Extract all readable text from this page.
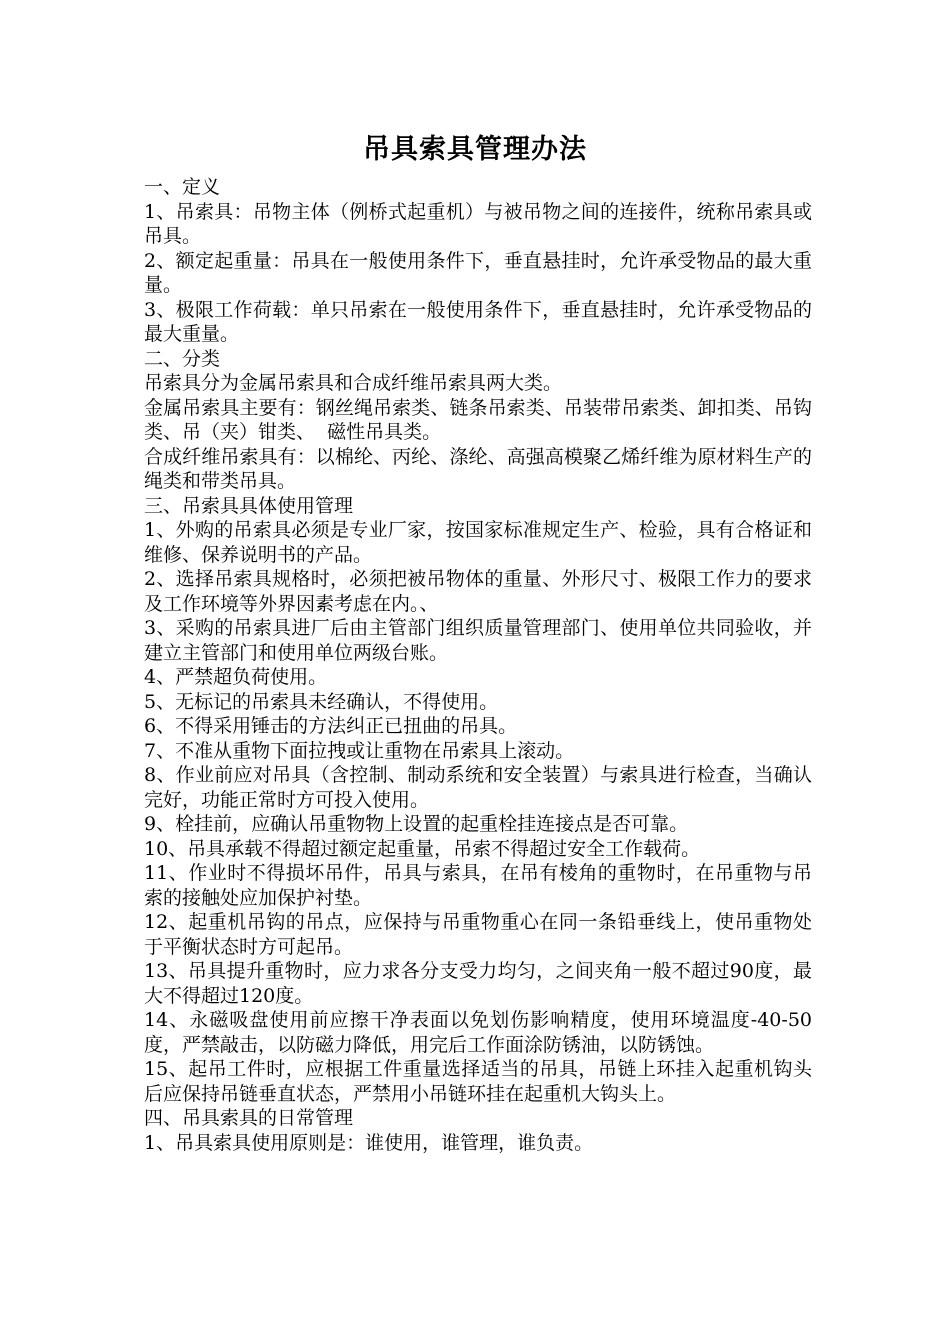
吊具索具管理办法

一、定义

1、吊索具：吊物主体（例桥式起重机）与被吊物之间的连接件，统称吊索具或吊具。

2、额定起重量：吊具在一般使用条件下，垂直悬挂时，允许承受物品的最大重量。

3、极限工作荷载：单只吊索在一般使用条件下，垂直悬挂时，允许承受物品的最大重量。

二、分类

吊索具分为金属吊索具和合成纤维吊索具两大类。

金属吊索具主要有：钢丝绳吊索类、链条吊索类、吊装带吊索类、卸扣类、吊钩类、吊（夹）钳类、  磁性吊具类。

合成纤维吊索具有：以棉纶、丙纶、涤纶、高强高模聚乙烯纤维为原材料生产的绳类和带类吊具。

三、吊索具具体使用管理

1、外购的吊索具必须是专业厂家，按国家标准规定生产、检验，具有合格证和维修、保养说明书的产品。

2、选择吊索具规格时，必须把被吊物体的重量、外形尺寸、极限工作力的要求及工作环境等外界因素考虑在内。、

3、采购的吊索具进厂后由主管部门组织质量管理部门、使用单位共同验收，并建立主管部门和使用单位两级台账。

4、严禁超负荷使用。

5、无标记的吊索具未经确认，不得使用。

6、不得采用锤击的方法纠正已扭曲的吊具。

7、不准从重物下面拉拽或让重物在吊索具上滚动。

8、作业前应对吊具（含控制、制动系统和安全装置）与索具进行检查，当确认完好，功能正常时方可投入使用。

9、栓挂前，应确认吊重物物上设置的起重栓挂连接点是否可靠。

10、吊具承载不得超过额定起重量，吊索不得超过安全工作载荷。

11、作业时不得损坏吊件，吊具与索具，在吊有棱角的重物时，在吊重物与吊索的接触处应加保护衬垫。

12、起重机吊钩的吊点，应保持与吊重物重心在同一条铅垂线上，使吊重物处于平衡状态时方可起吊。

13、吊具提升重物时，应力求各分支受力均匀，之间夹角一般不超过90度，最大不得超过120度。

14、永磁吸盘使用前应擦干净表面以免划伤影响精度，使用环境温度-40-50度，严禁敲击，以防磁力降低，用完后工作面涂防锈油，以防锈蚀。

15、起吊工件时，应根据工件重量选择适当的吊具，吊链上环挂入起重机钩头后应保持吊链垂直状态，严禁用小吊链环挂在起重机大钩头上。

四、吊具索具的日常管理

1、吊具索具使用原则是：谁使用，谁管理，谁负责。
